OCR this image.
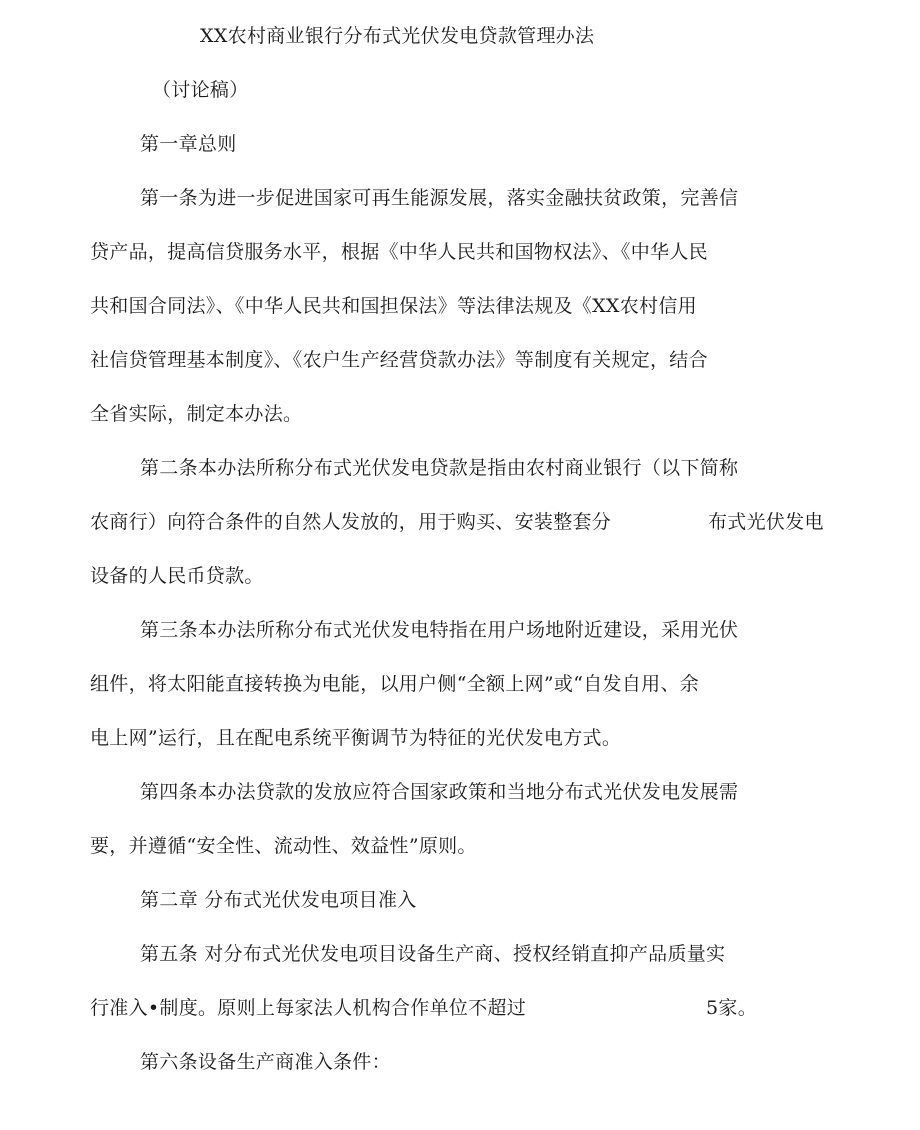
XX农村商业银行分布式光伏发电贷款管理办法
（讨论稿）
第一章总则
第一条为进一步促进国家可再生能源发展，落实金融扶贫政策，完善信
贷产品，提高信贷服务水平，根据《中华人民共和国物权法》、《中华人民
共和国合同法》、《中华人民共和国担保法》等法律法规及《XX农村信用
社信贷管理基本制度》、《农户生产经营贷款办法》等制度有关规定，结合
全省实际，制定本办法。
第二条本办法所称分布式光伏发电贷款是指由农村商业银行（以下简称
农商行）向符合条件的自然人发放的，用于购买、安装整套分	布式光伏发电
设备的人民币贷款。
第三条本办法所称分布式光伏发电特指在用户场地附近建设，采用光伏
组件，将太阳能直接转换为电能，以用户侧“全额上网”或“自发自用、余
电上网”运行，且在配电系统平衡调节为特征的光伏发电方式。
第四条本办法贷款的发放应符合国家政策和当地分布式光伏发电发展需
要，并遵循“安全性、流动性、效益性”原则。
第二章 分布式光伏发电项目准入
第五条 对分布式光伏发电项目设备生产商、授权经销直抑产品质量实
行准入•制度。原则上每家法人机构合作单位不超过	5家。
第六条设备生产商准入条件：
